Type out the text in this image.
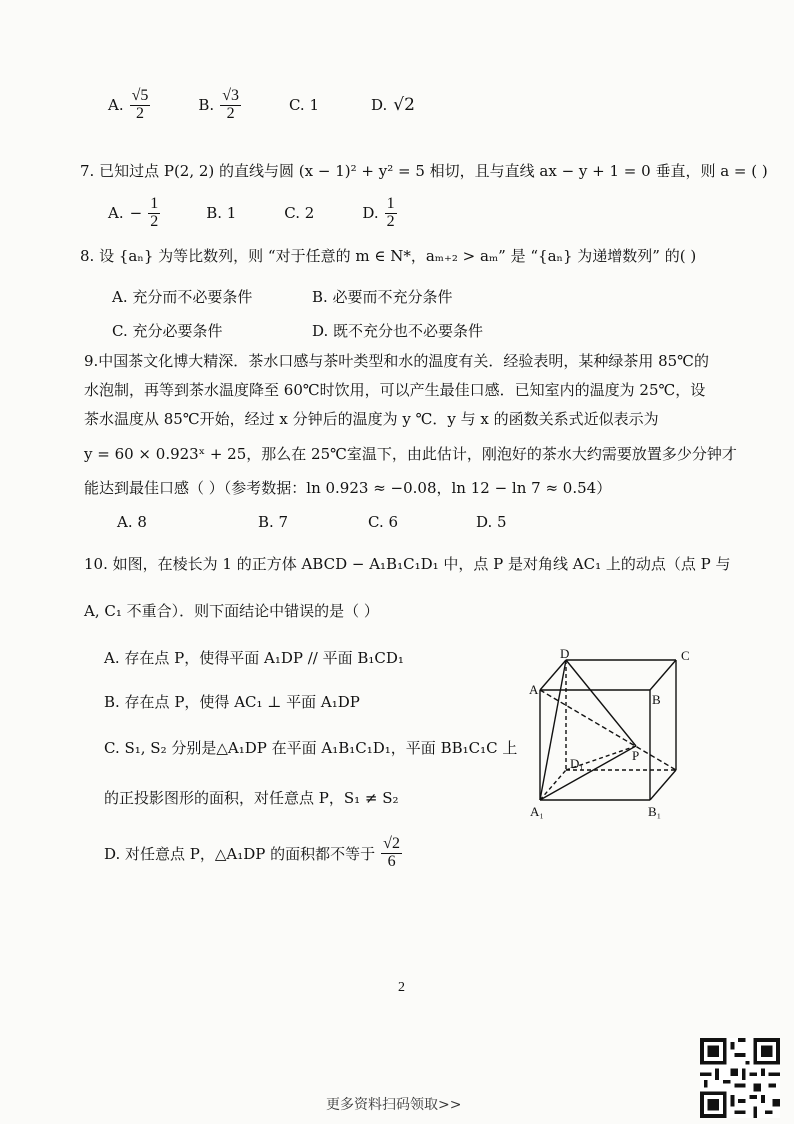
A. $\frac{√5}{2}$	B. $\frac{√3}{2}$	C. 1	D. √2
7. 已知过点 P(2, 2) 的直线与圆 (x − 1)² + y² = 5 相切，且与直线 ax − y + 1 = 0 垂直，则 a = ( )
A. − $\frac{1}{2}$	B. 1	C. 2	D. $\frac{1}{2}$
8. 设 {aₙ} 为等比数列，则 “对于任意的 m ∈ N*，aₘ₊₂ > aₘ” 是 “{aₙ} 为递增数列” 的( )
A. 充分而不必要条件	B. 必要而不充分条件
C. 充分必要条件	D. 既不充分也不必要条件
9.中国茶文化博大精深．茶水口感与茶叶类型和水的温度有关．经验表明，某种绿茶用 85℃的
水泡制，再等到茶水温度降至 60℃时饮用，可以产生最佳口感．已知室内的温度为 25℃，设
茶水温度从 85℃开始，经过 x 分钟后的温度为 y ℃．y 与 x 的函数关系式近似表示为
y = 60 × 0.923ˣ + 25，那么在 25℃室温下，由此估计，刚泡好的茶水大约需要放置多少分钟才
能达到最佳口感（ ）（参考数据：ln 0.923 ≈ −0.08，ln 12 − ln 7 ≈ 0.54）
A. 8	B. 7	C. 6	D. 5
10. 如图，在棱长为 1 的正方体 ABCD − A₁B₁C₁D₁ 中，点 P 是对角线 AC₁ 上的动点（点 P 与
A, C₁ 不重合）．则下面结论中错误的是（ ）
A. 存在点 P，使得平面 A₁DP // 平面 B₁CD₁
B. 存在点 P，使得 AC₁ ⊥ 平面 A₁DP
C. S₁, S₂ 分别是△A₁DP 在平面 A₁B₁C₁D₁，平面 BB₁C₁C 上
的正投影图形的面积，对任意点 P，S₁ ≠ S₂
D. 对任意点 P，△A₁DP 的面积都不等于 $\frac{√2}{6}$
D	C
A
B
D₁
P
A₁	B₁
2
更多资料扫码领取>>
